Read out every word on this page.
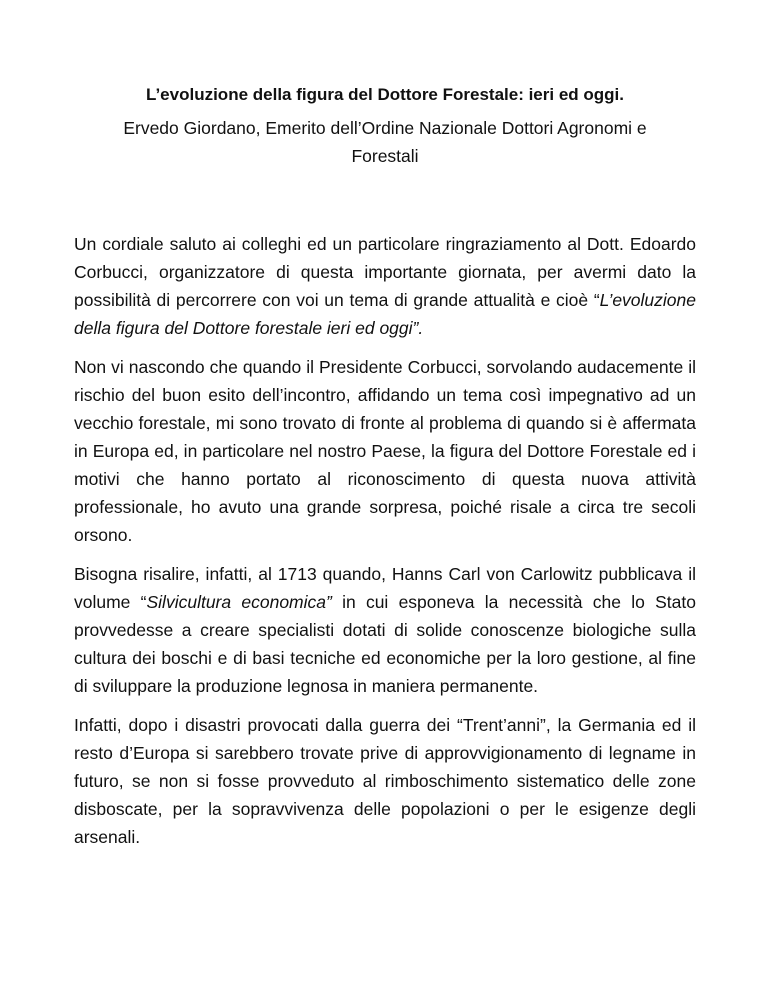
L’evoluzione della figura del Dottore Forestale: ieri ed oggi.

Ervedo Giordano, Emerito dell’Ordine Nazionale Dottori Agronomi e Forestali

Un cordiale saluto ai colleghi ed un particolare ringraziamento al Dott. Edoardo Corbucci, organizzatore di questa importante giornata, per avermi dato la possibilità di percorrere con voi un tema di grande attualità e cioè “L’evoluzione della figura del Dottore forestale ieri ed oggi”.

Non vi nascondo che quando il Presidente Corbucci, sorvolando audacemente il rischio del buon esito dell’incontro, affidando un tema così impegnativo ad un vecchio forestale, mi sono trovato di fronte al problema di quando si è affermata in Europa ed, in particolare nel nostro Paese, la figura del Dottore Forestale ed i motivi che hanno portato al riconoscimento di questa nuova attività professionale, ho avuto una grande sorpresa, poiché risale a circa tre secoli orsono.

Bisogna risalire, infatti, al 1713 quando, Hanns Carl von Carlowitz pubblicava il volume “Silvicultura economica” in cui esponeva la necessità che lo Stato provvedesse a creare specialisti dotati di solide conoscenze biologiche sulla cultura dei boschi e di basi tecniche ed economiche per la loro gestione, al fine di sviluppare la produzione legnosa in maniera permanente.

Infatti, dopo i disastri provocati dalla guerra dei “Trent’anni”, la Germania ed il resto d’Europa si sarebbero trovate prive di approvvigionamento di legname in futuro, se non si fosse provveduto al rimboschimento sistematico delle zone disboscate, per la sopravvivenza delle popolazioni o per le esigenze degli arsenali.
